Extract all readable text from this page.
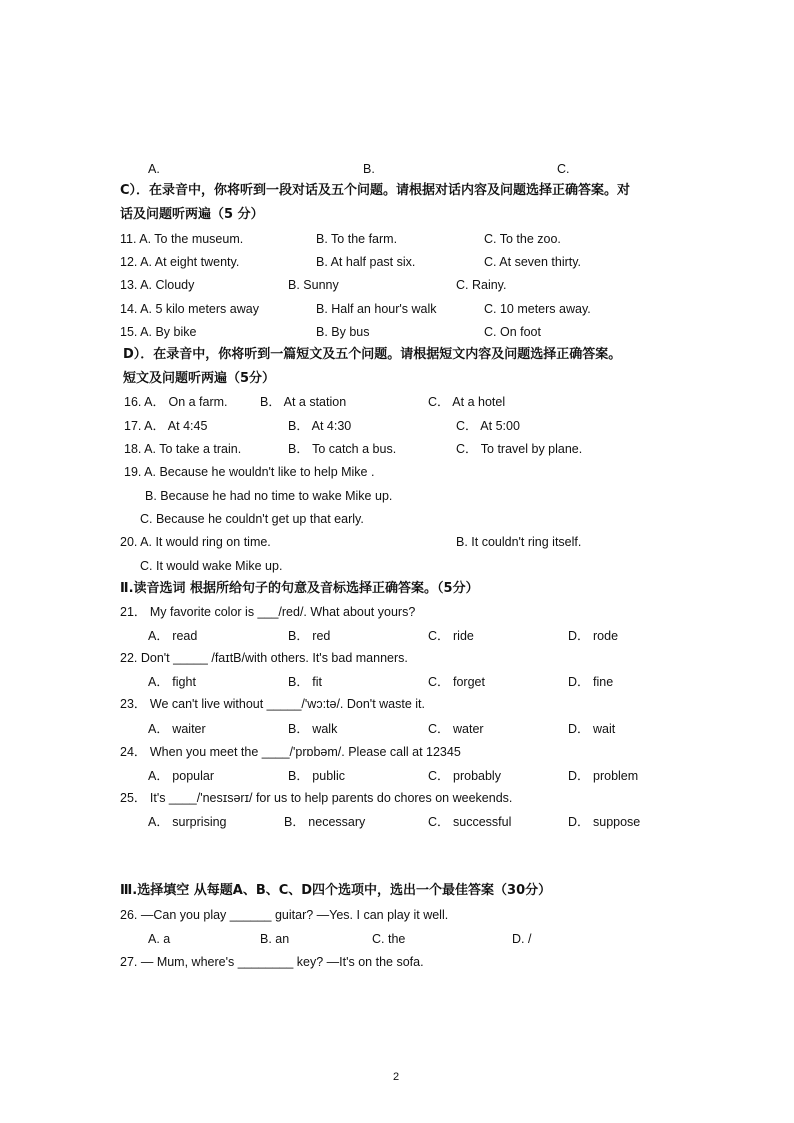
A.	B.	C.
C）．在录音中，你将听到一段对话及五个问题。请根据对话内容及问题选择正确答案。对
话及问题听两遍（5 分）
11. A. To the museum.	B. To the farm.	C. To the zoo.
12. A. At eight twenty.	B. At half past six.	C. At seven thirty.
13. A. Cloudy	B. Sunny	C. Rainy.
14. A. 5 kilo meters away	B. Half an hour's walk	C. 10 meters away.
15. A. By bike	B. By bus	C. On foot
D）．在录音中，你将听到一篇短文及五个问题。请根据短文内容及问题选择正确答案。
短文及问题听两遍（5分）
16. A． On a farm.	B． At a station	C． At a hotel
17. A． At 4:45	B． At 4:30	C． At 5:00
18. A. To take a train.	B． To catch a bus.	C． To travel by plane.
19. A. Because he wouldn't like to help Mike .
B. Because he had no time to wake Mike up.
C. Because he couldn't get up that early.
20. A. It would ring on time.	B. It couldn't ring itself.
C. It would wake Mike up.
Ⅱ.读音选词 根据所给句子的句意及音标选择正确答案。（5分）
21． My favorite color is ___/red/. What about yours?
A． read	B． red	C． ride	D． rode
22. Don't _____ /faɪtB/with others. It's bad manners.
A． fight	B． fit	C． forget	D． fine
23． We can't live without _____/'wɔ:tə/. Don't waste it.
A． waiter	B． walk	C． water	D． wait
24． When you meet the ____/'prɒbəm/. Please call at 12345
A． popular	B． public	C． probably	D． problem
25． It's ____/'nesɪsərɪ/ for us to help parents do chores on weekends.
A． surprising	B． necessary	C． successful	D． suppose
Ⅲ.选择填空 从每题A、B、C、D四个选项中，选出一个最佳答案（30分）
26. —Can you play ______ guitar? —Yes. I can play it well.
A. a	B. an	C. the	D. /
27. — Mum, where's ________ key? —It's on the sofa.
2
